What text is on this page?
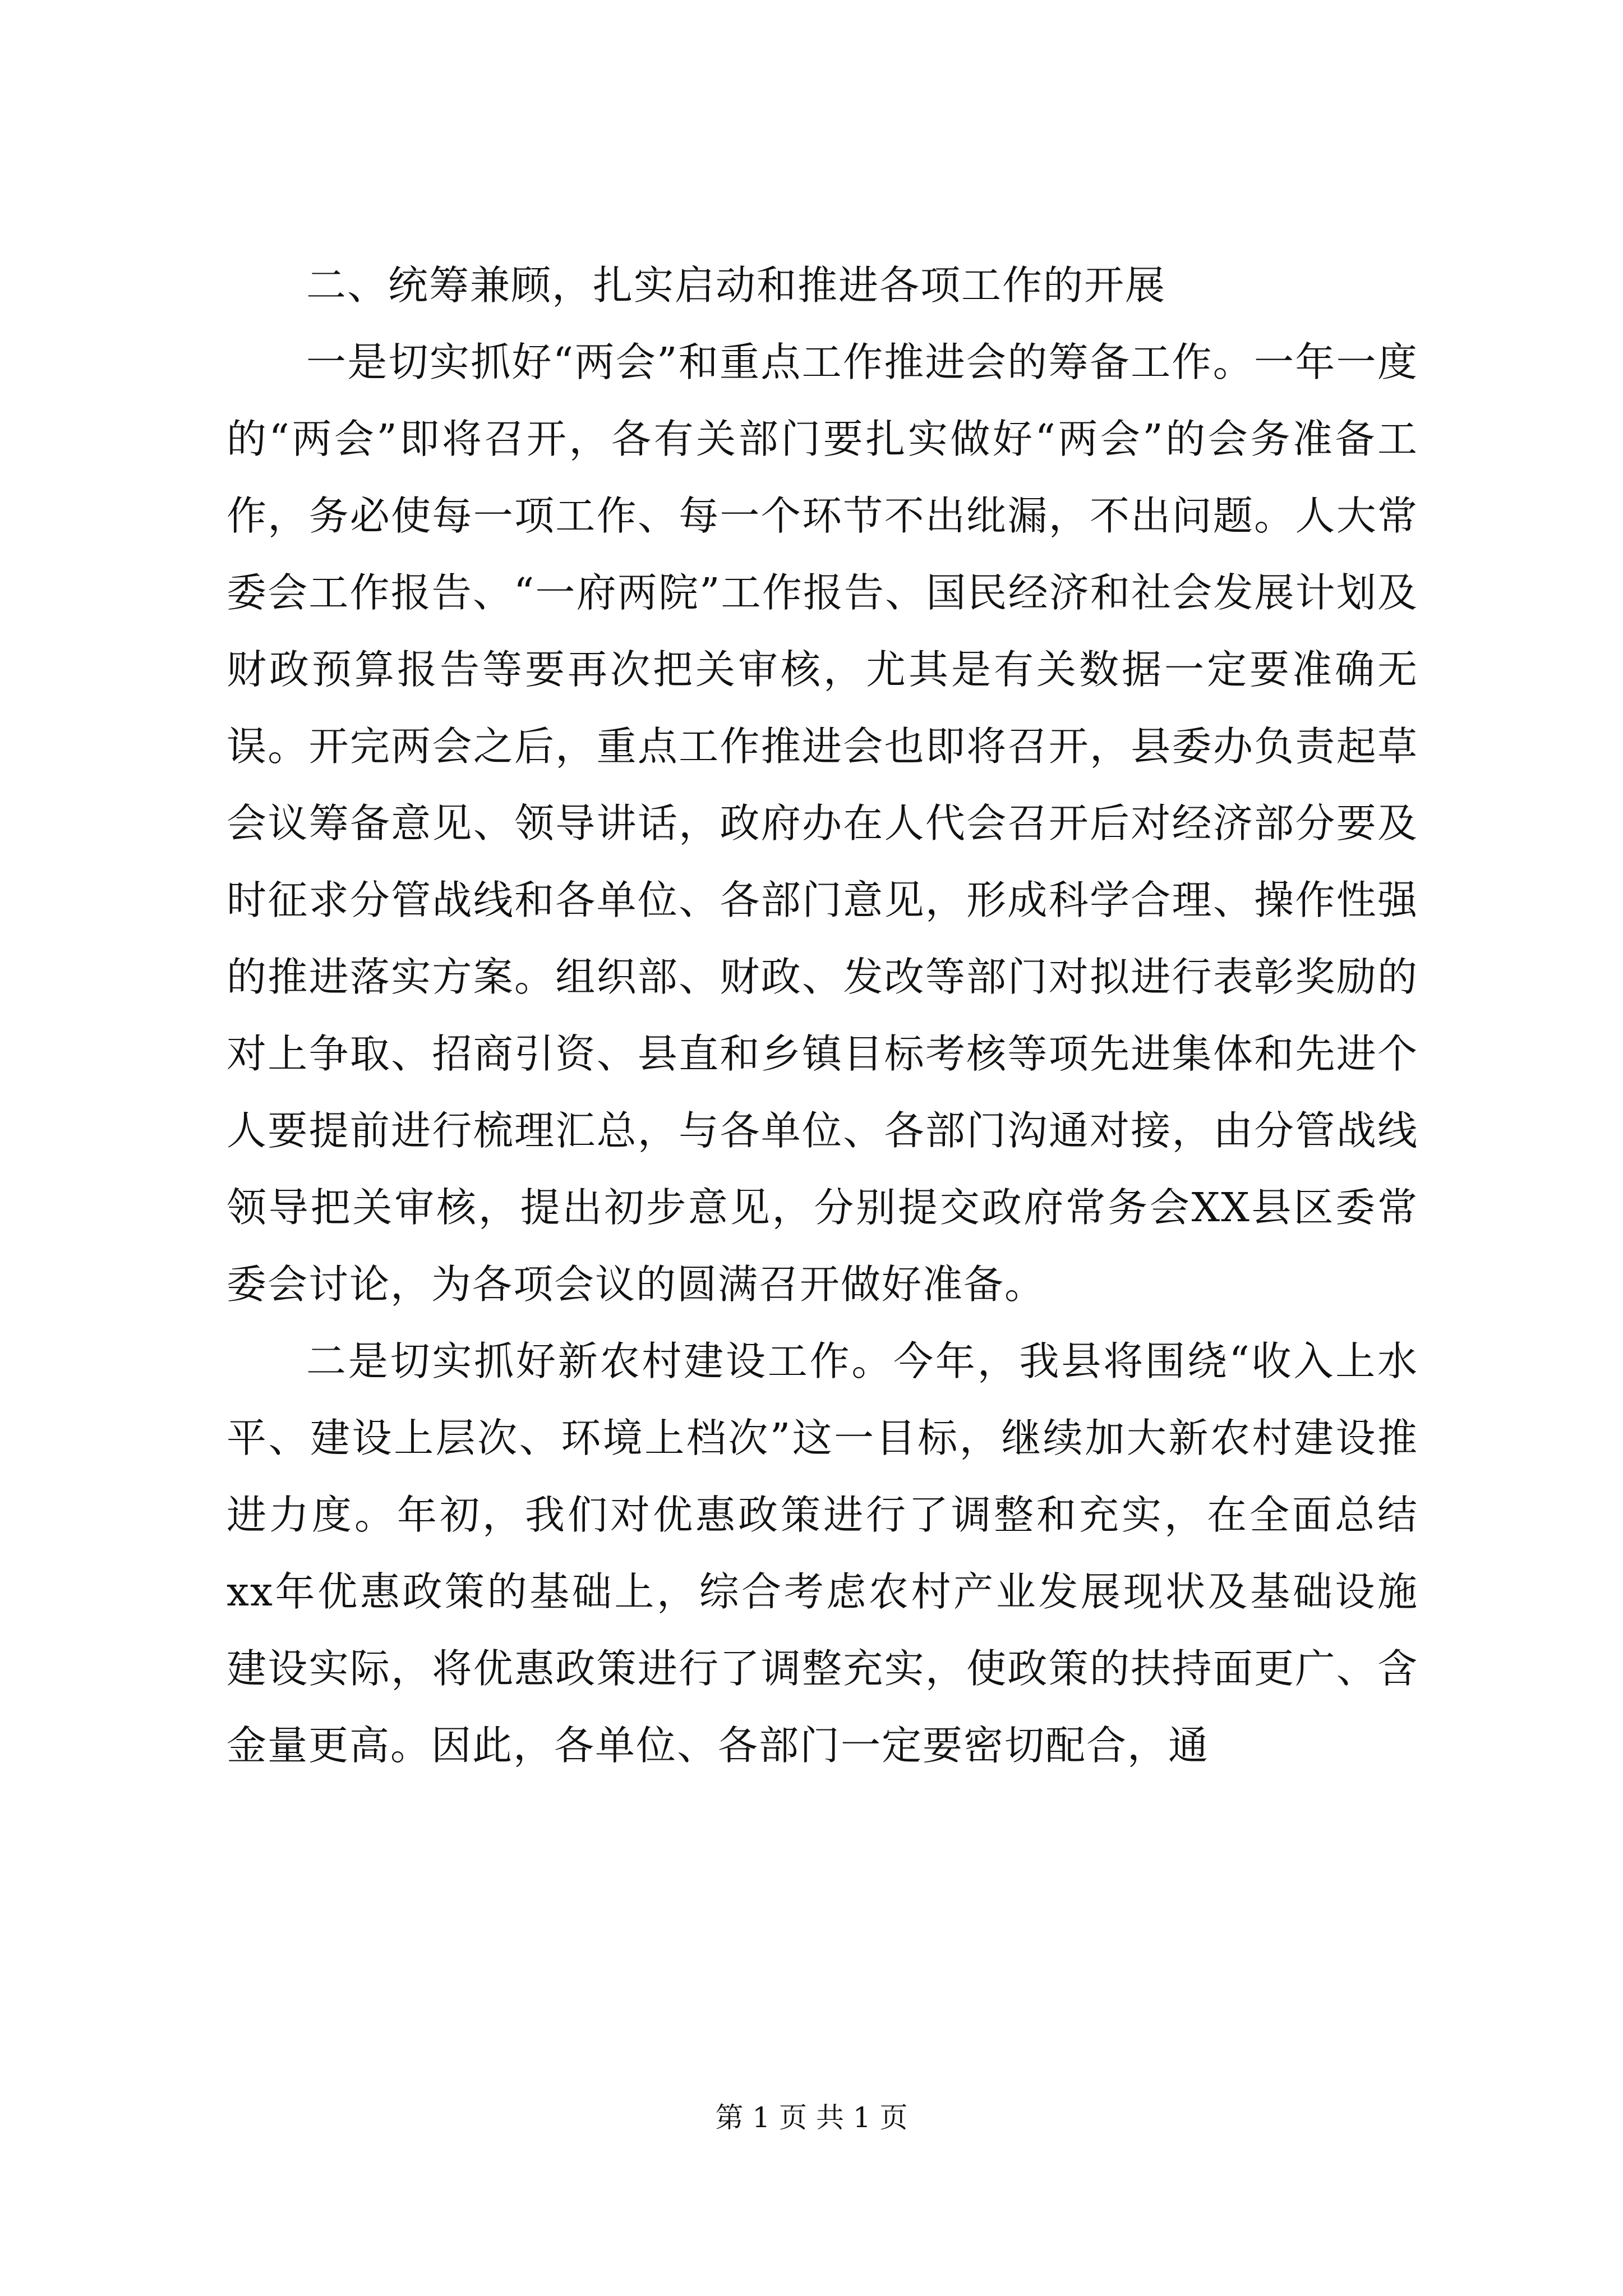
二、统筹兼顾，扎实启动和推进各项工作的开展

一是切实抓好“两会”和重点工作推进会的筹备工作。一年一度的“两会”即将召开，各有关部门要扎实做好“两会”的会务准备工作，务必使每一项工作、每一个环节不出纰漏，不出问题。人大常委会工作报告、“一府两院”工作报告、国民经济和社会发展计划及财政预算报告等要再次把关审核，尤其是有关数据一定要准确无误。开完两会之后，重点工作推进会也即将召开，县委办负责起草会议筹备意见、领导讲话，政府办在人代会召开后对经济部分要及时征求分管战线和各单位、各部门意见，形成科学合理、操作性强的推进落实方案。组织部、财政、发改等部门对拟进行表彰奖励的对上争取、招商引资、县直和乡镇目标考核等项先进集体和先进个人要提前进行梳理汇总，与各单位、各部门沟通对接，由分管战线领导把关审核，提出初步意见，分别提交政府常务会XX县区委常委会讨论，为各项会议的圆满召开做好准备。

二是切实抓好新农村建设工作。今年，我县将围绕“收入上水平、建设上层次、环境上档次”这一目标，继续加大新农村建设推进力度。年初，我们对优惠政策进行了调整和充实，在全面总结xx年优惠政策的基础上，综合考虑农村产业发展现状及基础设施建设实际，将优惠政策进行了调整充实，使政策的扶持面更广、含金量更高。因此，各单位、各部门一定要密切配合，通

第 1 页 共 1 页
